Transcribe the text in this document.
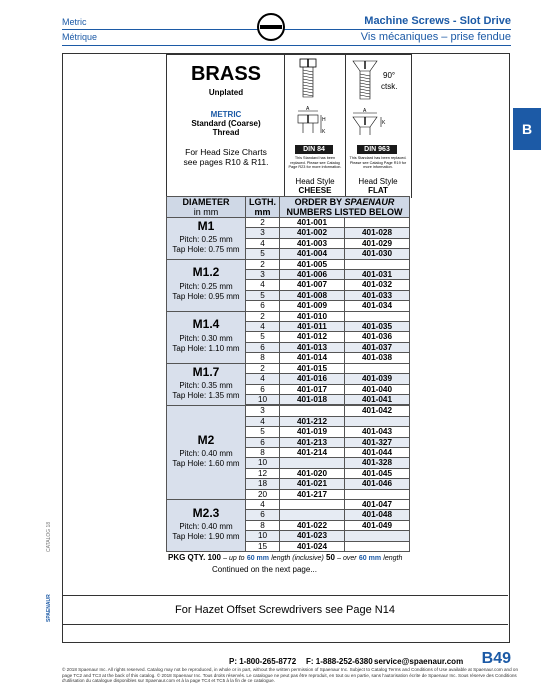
Metric
Métrique
Machine Screws - Slot Drive
Vis mécaniques – prise fendue
B
BRASS
Unplated
METRIC
Standard (Coarse)
Thread
For Head Size Charts
see pages R10 & R11.
A
H
K
A
K
90°
ctsk.
DIN 84	DIN 963
This Standard has been replaced. Please see Catalog Page R23 for more information.
This Standard has been replaced. Please see Catalog Page R19 for more information.
Head Style
CHEESE
Head Style
FLAT
DIAMETER
in mm	LGTH.
mm	ORDER BY SPAENAUR
NUMBERS LISTED BELOW	

M1
Pitch: 0.25 mm
Tap Hole: 0.75 mm	2	401-001	
	3	401-002	401-028
	4	401-003	401-029
	5	401-004	401-030

M1.2
Pitch: 0.25 mm
Tap Hole: 0.95 mm	2	401-005	
	3	401-006	401-031
	4	401-007	401-032
	5	401-008	401-033
	6	401-009	401-034

M1.4
Pitch: 0.30 mm
Tap Hole: 1.10 mm	2	401-010	
	4	401-011	401-035
	5	401-012	401-036
	6	401-013	401-037
	8	401-014	401-038

M1.7
Pitch: 0.35 mm
Tap Hole: 1.35 mm	2	401-015	
	4	401-016	401-039
	6	401-017	401-040
	10	401-018	401-041

M2
Pitch: 0.40 mm
Tap Hole: 1.60 mm	3		401-042
	4	401-212	
	5	401-019	401-043
	6	401-213	401-327
	8	401-214	401-044
	10		401-328
	12	401-020	401-045
	18	401-021	401-046
	20	401-217	

M2.3
Pitch: 0.40 mm
Tap Hole: 1.90 mm	4		401-047
	6		401-048
	8	401-022	401-049
	10	401-023	
	15	401-024	
PKG QTY. 100 – up to 60 mm length (inclusive) 50 – over 60 mm length
Continued on the next page...
CATALOG 18
SPAENAUR	For Hazet Offset Screwdrivers see Page N14
P: 1-800-265-8772 F: 1-888-252-6380 service@spaenaur.com B49
© 2018 Spaenaur Inc. All rights reserved. Catalog may not be reproduced, in whole or in part, without the written permission of Spaenaur Inc. Subject to Catalog Terms and Conditions of Use available at Spaenaur.com and on page TC2 and TC3 at the back of this catalog. © 2018 Spaenaur Inc. Tous droits réservés. Le catalogue ne peut pas être reproduit, en tout ou en partie, sans l'autorisation écrite de Spaenaur Inc. Sous réserve des Conditions d'utilisation du catalogue disponibles sur Spaenaur.com et à la page TC4 et TC5 à la fin de ce catalogue.
